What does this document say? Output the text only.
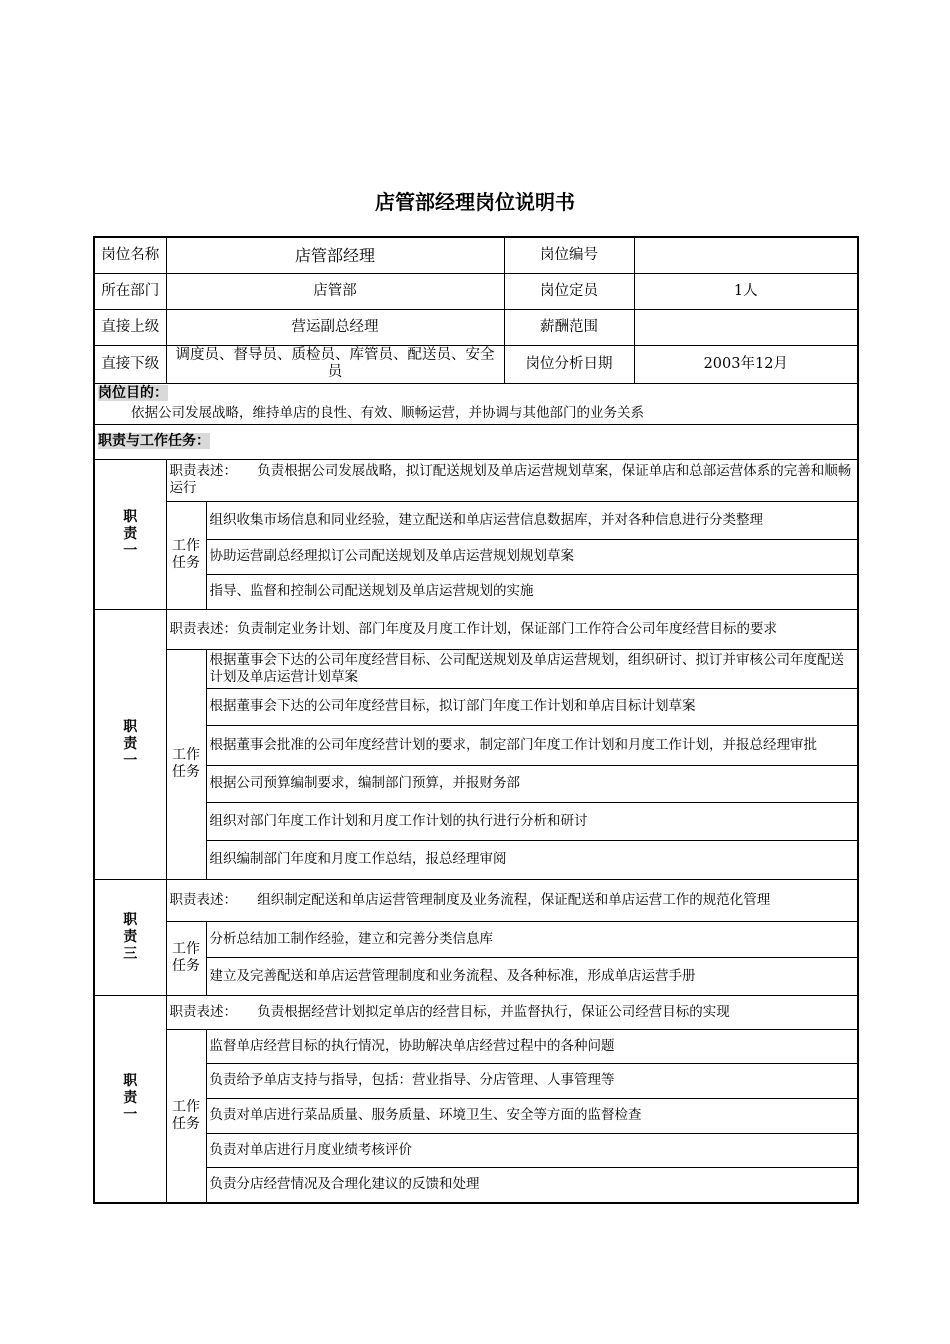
店管部经理岗位说明书
岗位名称	店管部经理		岗位编号	
所在部门	店管部		岗位定员	1人
直接上级	营运副总经理		薪酬范围	
直接下级	调度员、督导员、质检员、库管员、配送员、安全员		岗位分析日期	2003年12月
岗位目的：				
依据公司发展战略，维持单店的良性、有效、顺畅运营，并协调与其他部门的业务关系				
职责与工作任务：				

职责一	职责表述：　　负责根据公司发展战略，拟订配送规划及单店运营规划草案，保证单店和总部运营体系的完善和顺畅运行			

	工作任务	组织收集市场信息和同业经验，建立配送和单店运营信息数据库，并对各种信息进行分类整理		
		协助运营副总经理拟订公司配送规划及单店运营规划规划草案		
		指导、监督和控制公司配送规划及单店运营规划的实施		

职责一	职责表述：负责制定业务计划、部门年度及月度工作计划，保证部门工作符合公司年度经营目标的要求			

	工作任务	根据董事会下达的公司年度经营目标、公司配送规划及单店运营规划，组织研讨、拟订并审核公司年度配送计划及单店运营计划草案		
		根据董事会下达的公司年度经营目标，拟订部门年度工作计划和单店目标计划草案		
		根据董事会批准的公司年度经营计划的要求，制定部门年度工作计划和月度工作计划，并报总经理审批		
		根据公司预算编制要求，编制部门预算，并报财务部		
		组织对部门年度工作计划和月度工作计划的执行进行分析和研讨		
		组织编制部门年度和月度工作总结，报总经理审阅		

职责三	职责表述：　　组织制定配送和单店运营管理制度及业务流程，保证配送和单店运营工作的规范化管理			

	工作任务	分析总结加工制作经验，建立和完善分类信息库		
		建立及完善配送和单店运营管理制度和业务流程、及各种标准，形成单店运营手册		

职责一	职责表述：　　负责根据经营计划拟定单店的经营目标，并监督执行，保证公司经营目标的实现			

	工作任务	监督单店经营目标的执行情况，协助解决单店经营过程中的各种问题		
		负责给予单店支持与指导，包括：营业指导、分店管理、人事管理等		
		负责对单店进行菜品质量、服务质量、环境卫生、安全等方面的监督检查		
		负责对单店进行月度业绩考核评价		
		负责分店经营情况及合理化建议的反馈和处理		
